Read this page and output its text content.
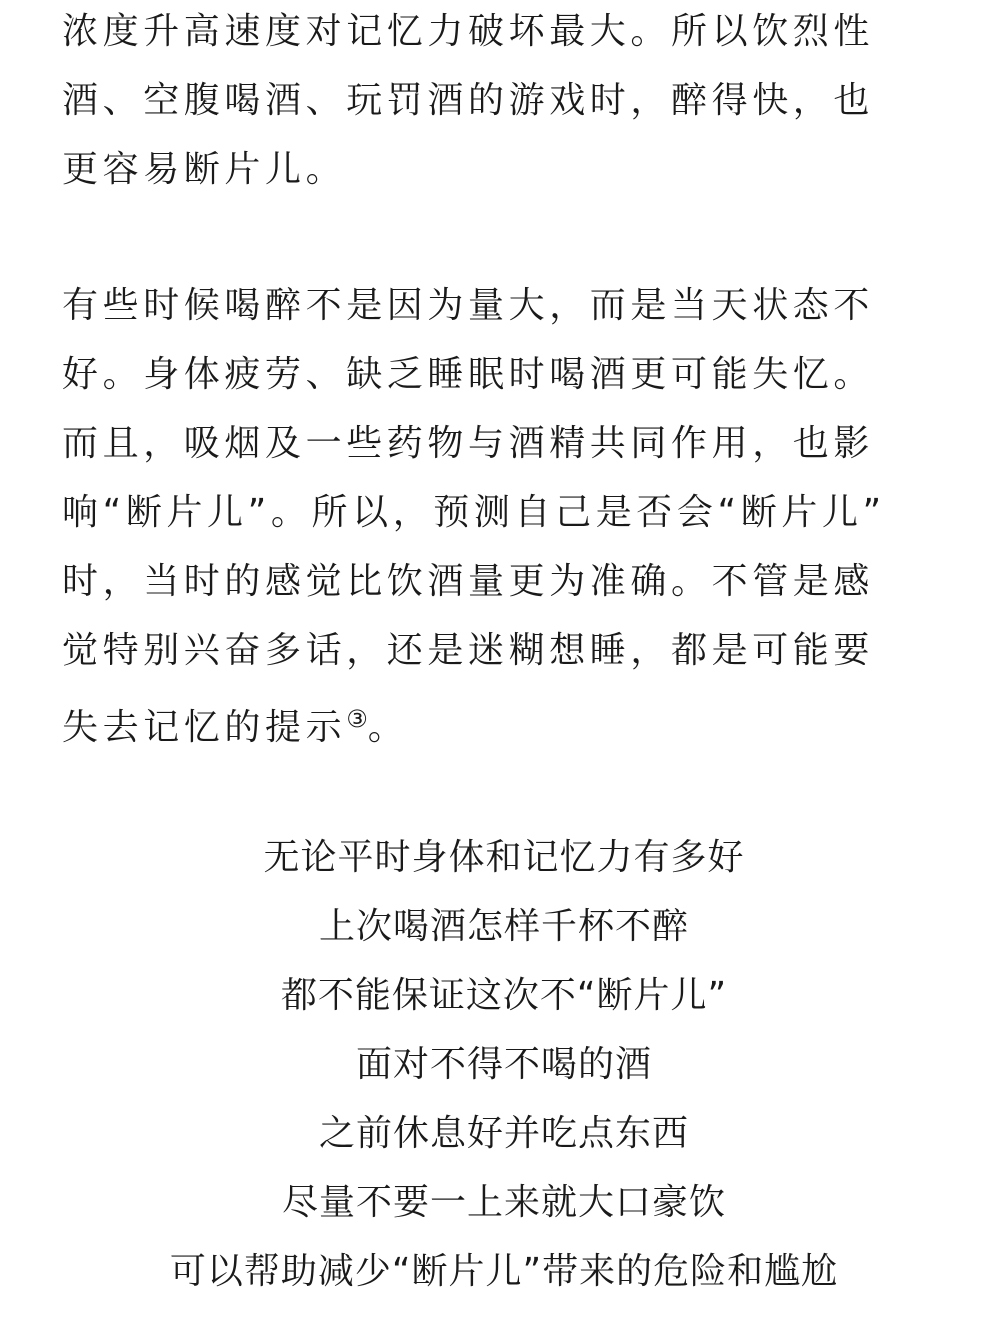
浓度升高速度对记忆力破坏最大。所以饮烈性
酒、空腹喝酒、玩罚酒的游戏时，醉得快，也
更容易断片儿。
有些时候喝醉不是因为量大，而是当天状态不
好。身体疲劳、缺乏睡眠时喝酒更可能失忆。
而且，吸烟及一些药物与酒精共同作用，也影
响“断片儿”。所以，预测自己是否会“断片儿”
时，当时的感觉比饮酒量更为准确。不管是感
觉特别兴奋多话，还是迷糊想睡，都是可能要
失去记忆的提示③。
无论平时身体和记忆力有多好
上次喝酒怎样千杯不醉
都不能保证这次不“断片儿”
面对不得不喝的酒
之前休息好并吃点东西
尽量不要一上来就大口豪饮
可以帮助减少“断片儿”带来的危险和尴尬
